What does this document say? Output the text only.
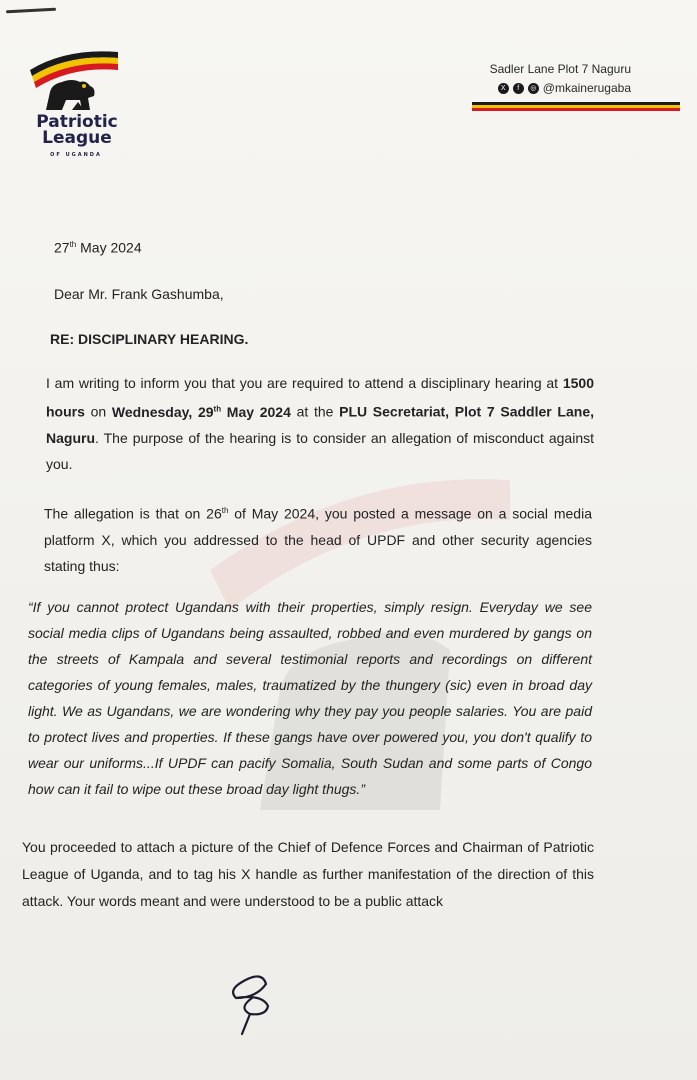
Patriotic
League
OF UGANDA
Sadler Lane Plot 7 Naguru
X	f	◎ @mkainerugaba
27th May 2024
Dear Mr. Frank Gashumba,
RE: DISCIPLINARY HEARING.
I am writing to inform you that you are required to attend a disciplinary hearing at 1500 hours on Wednesday, 29th May 2024 at the PLU Secretariat, Plot 7 Saddler Lane, Naguru. The purpose of the hearing is to consider an allegation of misconduct against you.
The allegation is that on 26th of May 2024, you posted a message on a social media platform X, which you addressed to the head of UPDF and other security agencies stating thus:
“If you cannot protect Ugandans with their properties, simply resign. Everyday we see social media clips of Ugandans being assaulted, robbed and even murdered by gangs on the streets of Kampala and several testimonial reports and recordings on different categories of young females, males, traumatized by the thungery (sic) even in broad day light. We as Ugandans, we are wondering why they pay you people salaries. You are paid to protect lives and properties. If these gangs have over powered you, you don't qualify to wear our uniforms...If UPDF can pacify Somalia, South Sudan and some parts of Congo how can it fail to wipe out these broad day light thugs.”
You proceeded to attach a picture of the Chief of Defence Forces and Chairman of Patriotic League of Uganda, and to tag his X handle as further manifestation of the direction of this attack. Your words meant and were understood to be a public attack
